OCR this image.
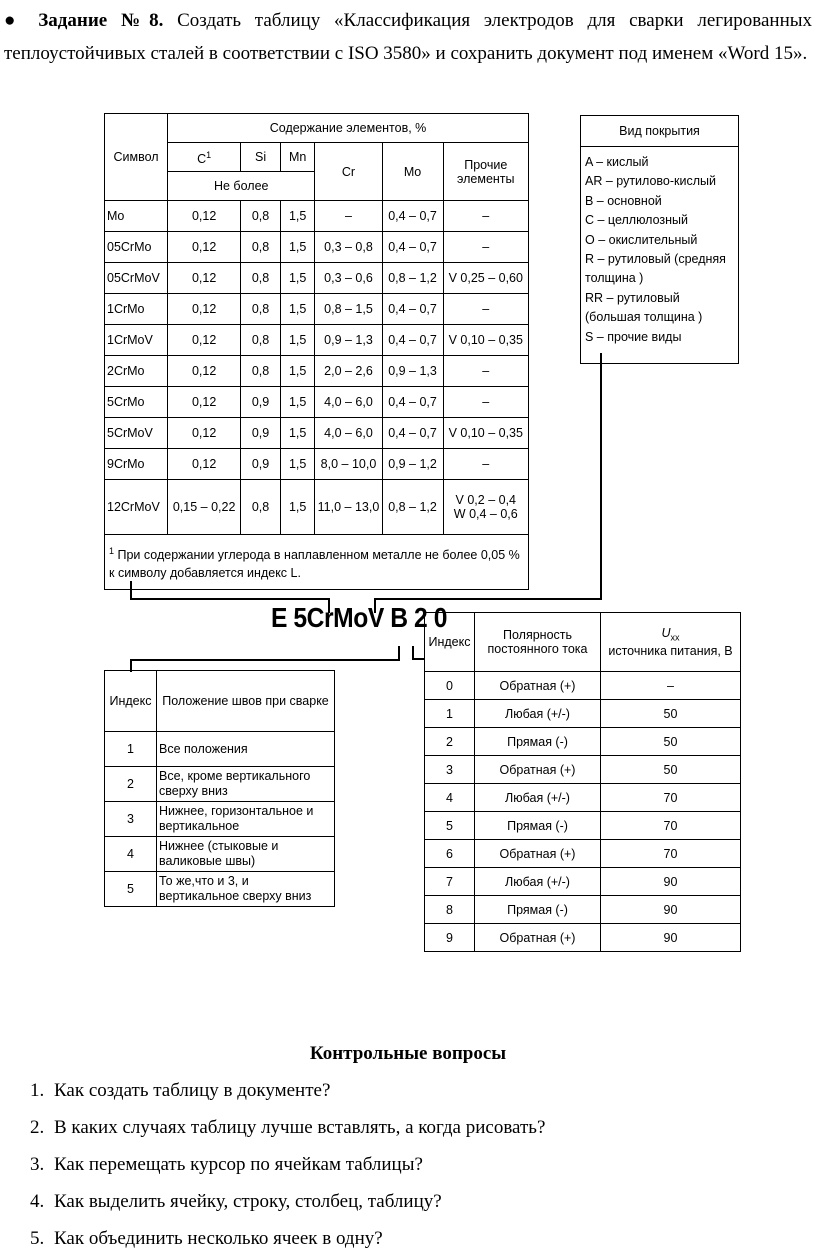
● Задание №8. Создать таблицу «Классификация электродов для сварки легированных теплоустойчивых сталей в соответствии с ISO 3580» и сохранить документ под именем «Word 15».
Символ	Содержание элементов, %					
	$C^1$	Si	Mn	Cr	Mo	Прочие элементы
	Не более					
Mo	0,12	0,8	1,5	–	0,4 – 0,7	–
05CrMo	0,12	0,8	1,5	0,3 – 0,8	0,4 – 0,7	–
05CrMoV	0,12	0,8	1,5	0,3 – 0,6	0,8 – 1,2	V 0,25 – 0,60
1CrMo	0,12	0,8	1,5	0,8 – 1,5	0,4 – 0,7	–
1CrMoV	0,12	0,8	1,5	0,9 – 1,3	0,4 – 0,7	V 0,10 – 0,35
2CrMo	0,12	0,8	1,5	2,0 – 2,6	0,9 – 1,3	–
5CrMo	0,12	0,9	1,5	4,0 – 6,0	0,4 – 0,7	–
5CrMoV	0,12	0,9	1,5	4,0 – 6,0	0,4 – 0,7	V 0,10 – 0,35
9CrMo	0,12	0,9	1,5	8,0 – 10,0	0,9 – 1,2	–
12CrMoV	0,15 – 0,22	0,8	1,5	11,0 – 13,0	0,8 – 1,2	V 0,2 – 0,4
W 0,4 – 0,6

$^1$ При содержании углерода в наплавленном металле не более 0,05 % к символу добавляется индекс L.						
Вид покрытия

A – кислый
AR – рутилово-кислый
B – основной
C – целлюлозный
O – окислительный
R – рутиловый (средняя
толщина )
RR – рутиловый
(большая толщина )
S – прочие виды
E 5CrMoV B 2 0
Индекс	Положение швов при сварке
1	Все положения
2	Все, кроме вертикального сверху вниз
3	Нижнее, горизонтальное и вертикальное
4	Нижнее (стыковые и валиковые швы)
5	То же,что и 3, и вертикальное сверху вниз
Индекс	Полярность постоянного тока	$U_{xx}$
источника питания, В
0	Обратная (+)	–
1	Любая (+/-)	50
2	Прямая (-)	50
3	Обратная (+)	50
4	Любая (+/-)	70
5	Прямая (-)	70
6	Обратная (+)	70
7	Любая (+/-)	90
8	Прямая (-)	90
9	Обратная (+)	90
Контрольные вопросы
1. Как создать таблицу в документе?
2. В каких случаях таблицу лучше вставлять, а когда рисовать?
3. Как перемещать курсор по ячейкам таблицы?
4. Как выделить ячейку, строку, столбец, таблицу?
5. Как объединить несколько ячеек в одну?
